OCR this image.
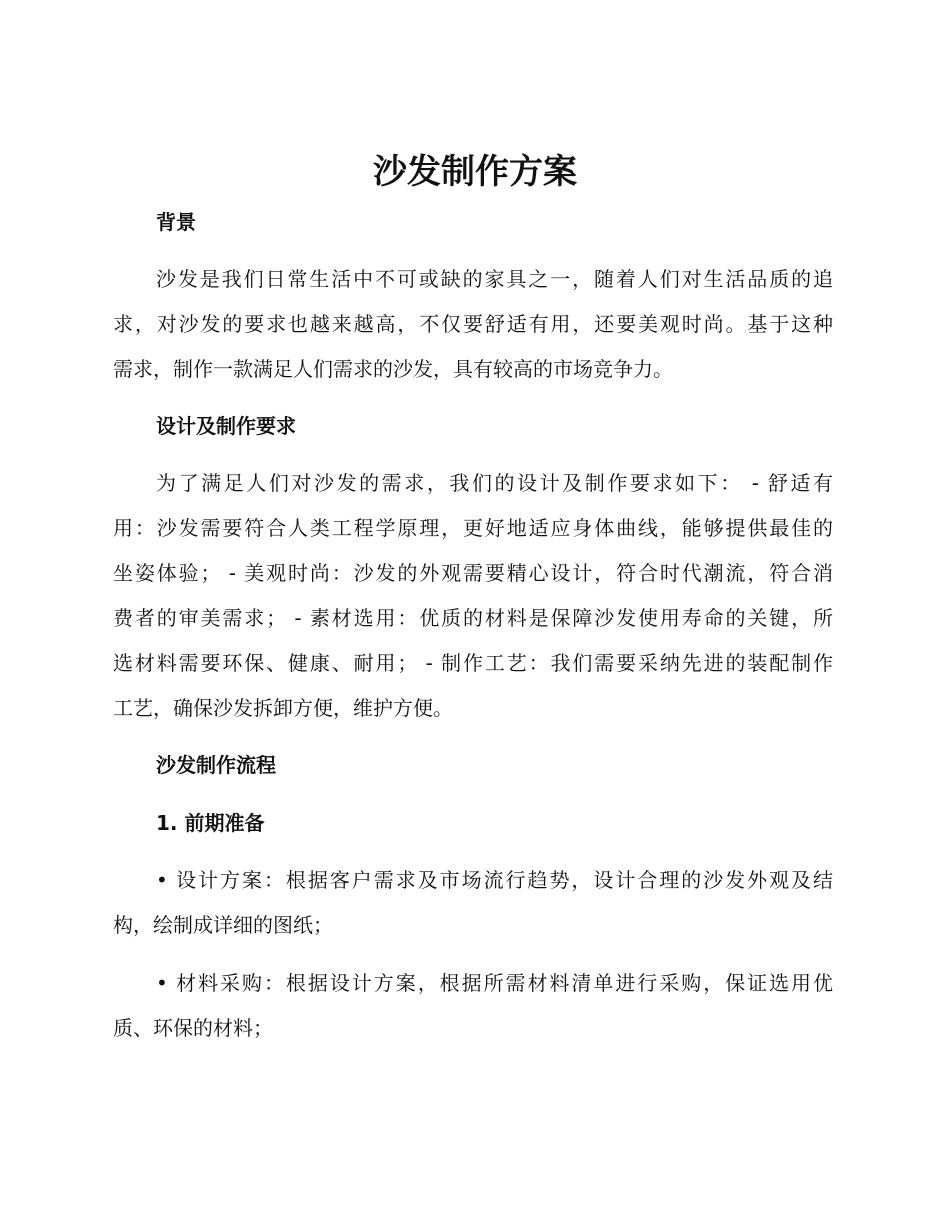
沙发制作方案
背景
沙发是我们日常生活中不可或缺的家具之一，随着人们对生活品质的追
求，对沙发的要求也越来越高，不仅要舒适有用，还要美观时尚。基于这种
需求，制作一款满足人们需求的沙发，具有较高的市场竞争力。
设计及制作要求
为了满足人们对沙发的需求，我们的设计及制作要求如下： - 舒适有
用：沙发需要符合人类工程学原理，更好地适应身体曲线，能够提供最佳的
坐姿体验； - 美观时尚：沙发的外观需要精心设计，符合时代潮流，符合消
费者的审美需求； - 素材选用：优质的材料是保障沙发使用寿命的关键，所
选材料需要环保、健康、耐用； - 制作工艺：我们需要采纳先进的装配制作
工艺，确保沙发拆卸方便，维护方便。
沙发制作流程
1. 前期准备
• 设计方案：根据客户需求及市场流行趋势，设计合理的沙发外观及结
构，绘制成详细的图纸；
• 材料采购：根据设计方案，根据所需材料清单进行采购，保证选用优
质、环保的材料；
